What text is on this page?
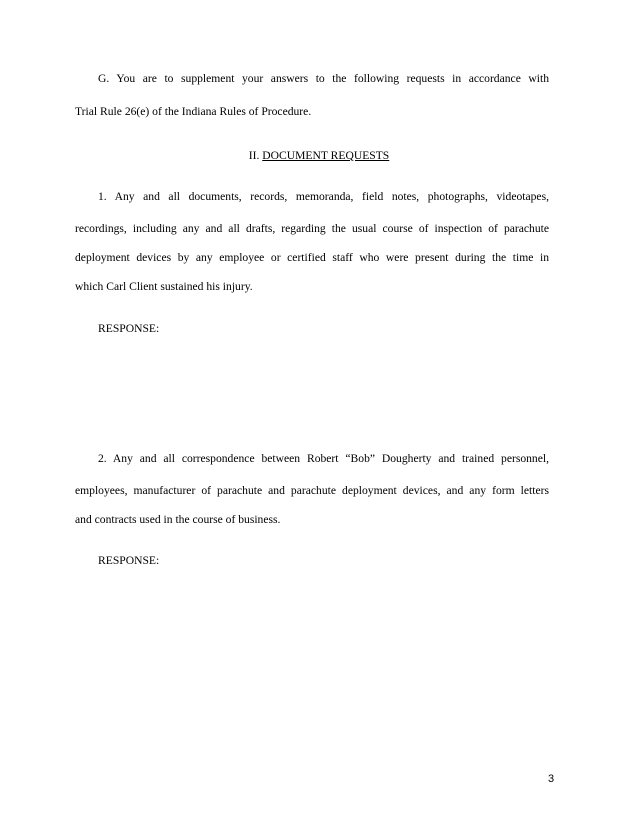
G. You are to supplement your answers to the following requests in accordance with
Trial Rule 26(e) of the Indiana Rules of Procedure.
II. DOCUMENT REQUESTS
1. Any and all documents, records, memoranda, field notes, photographs, videotapes,
recordings, including any and all drafts, regarding the usual course of inspection of parachute
deployment devices by any employee or certified staff who were present during the time in
which Carl Client sustained his injury.
RESPONSE:
2. Any and all correspondence between Robert “Bob” Dougherty and trained personnel,
employees, manufacturer of parachute and parachute deployment devices, and any form letters
and contracts used in the course of business.
RESPONSE:
3
